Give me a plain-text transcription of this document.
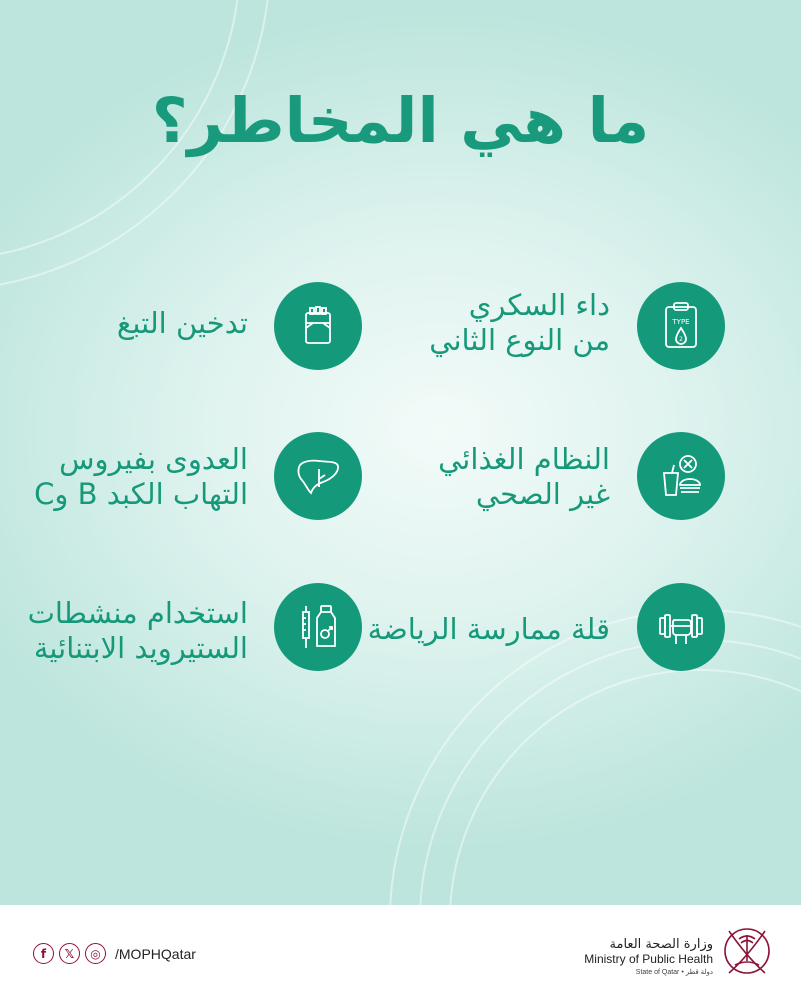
ما هي المخاطر؟
TYPE
2
داء السكري
من النوع الثاني
تدخين التبغ
النظام الغذائي
غير الصحي
العدوى بفيروس
التهاب الكبد B وC
قلة ممارسة الرياضة
استخدام منشطات
الستيرويد الابتنائية
f	𝕏	◎	/MOPHQatar
وزارة الصحة العامة
Ministry of Public Health
State of Qatar • دولة قطر
